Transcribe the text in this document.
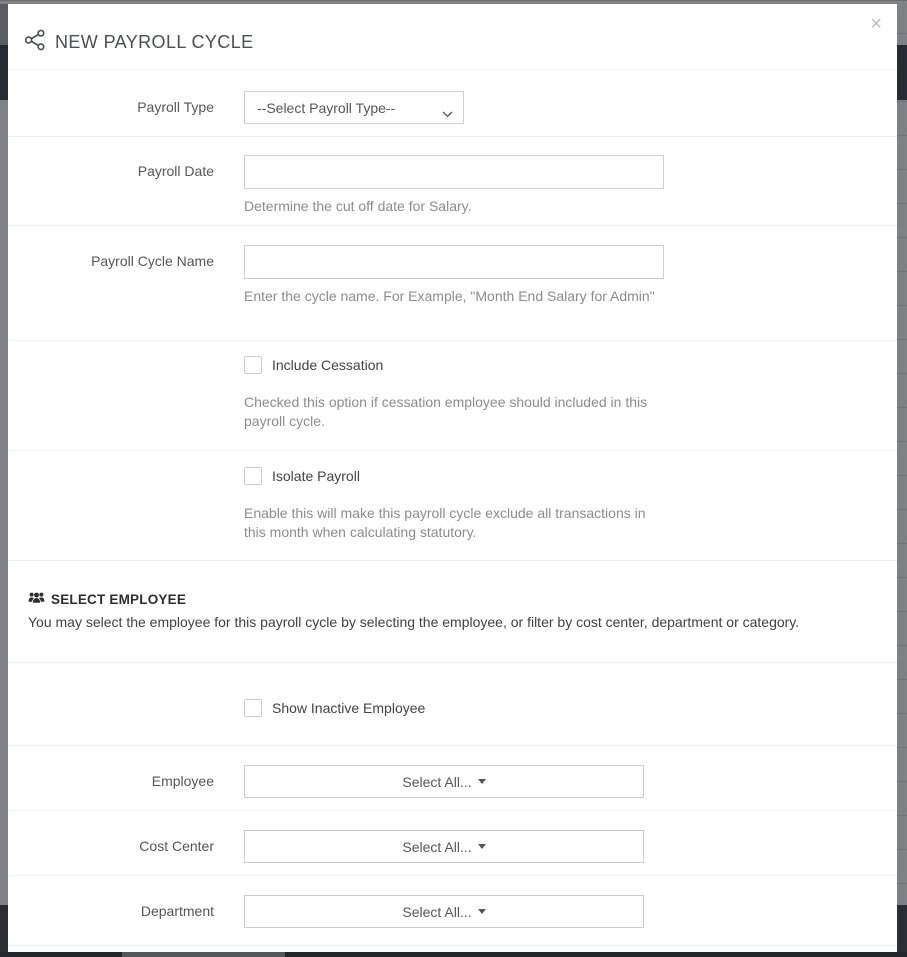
NEW PAYROLL CYCLE
×
Payroll Type	--Select Payroll Type--
Payroll Date
Determine the cut off date for Salary.
Payroll Cycle Name
Enter the cycle name. For Example, "Month End Salary for Admin"
Include Cessation
Checked this option if cessation employee should included in this payroll cycle.
Isolate Payroll
Enable this will make this payroll cycle exclude all transactions in this month when calculating statutory.
SELECT EMPLOYEE
You may select the employee for this payroll cycle by selecting the employee, or filter by cost center, department or category.
Show Inactive Employee
Employee	Select All...
Cost Center	Select All...
Department	Select All...
